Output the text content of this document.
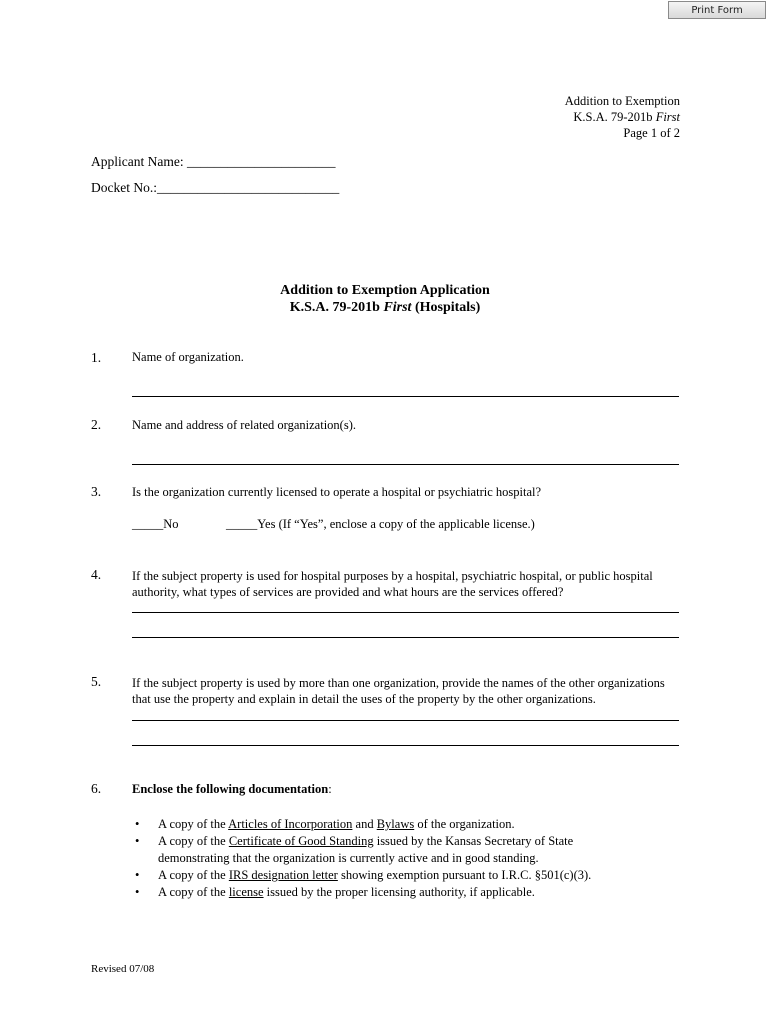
Print Form
Addition to Exemption
K.S.A. 79-201b First
Page 1 of 2
Applicant Name: ______________________
Docket No.:___________________________
Addition to Exemption Application
K.S.A. 79-201b First (Hospitals)
1.	Name of organization.
2.	Name and address of related organization(s).
3.	Is the organization currently licensed to operate a hospital or psychiatric hospital?
_____No	_____Yes (If “Yes”, enclose a copy of the applicable license.)
4.	If the subject property is used for hospital purposes by a hospital, psychiatric hospital, or public hospital
authority, what types of services are provided and what hours are the services offered?
5.	If the subject property is used by more than one organization, provide the names of the other organizations
that use the property and explain in detail the uses of the property by the other organizations.
6.	Enclose the following documentation:
• A copy of the Articles of Incorporation and Bylaws of the organization.
• A copy of the Certificate of Good Standing issued by the Kansas Secretary of State
demonstrating that the organization is currently active and in good standing.
• A copy of the IRS designation letter showing exemption pursuant to I.R.C. §501(c)(3).
• A copy of the license issued by the proper licensing authority, if applicable.
Revised 07/08
